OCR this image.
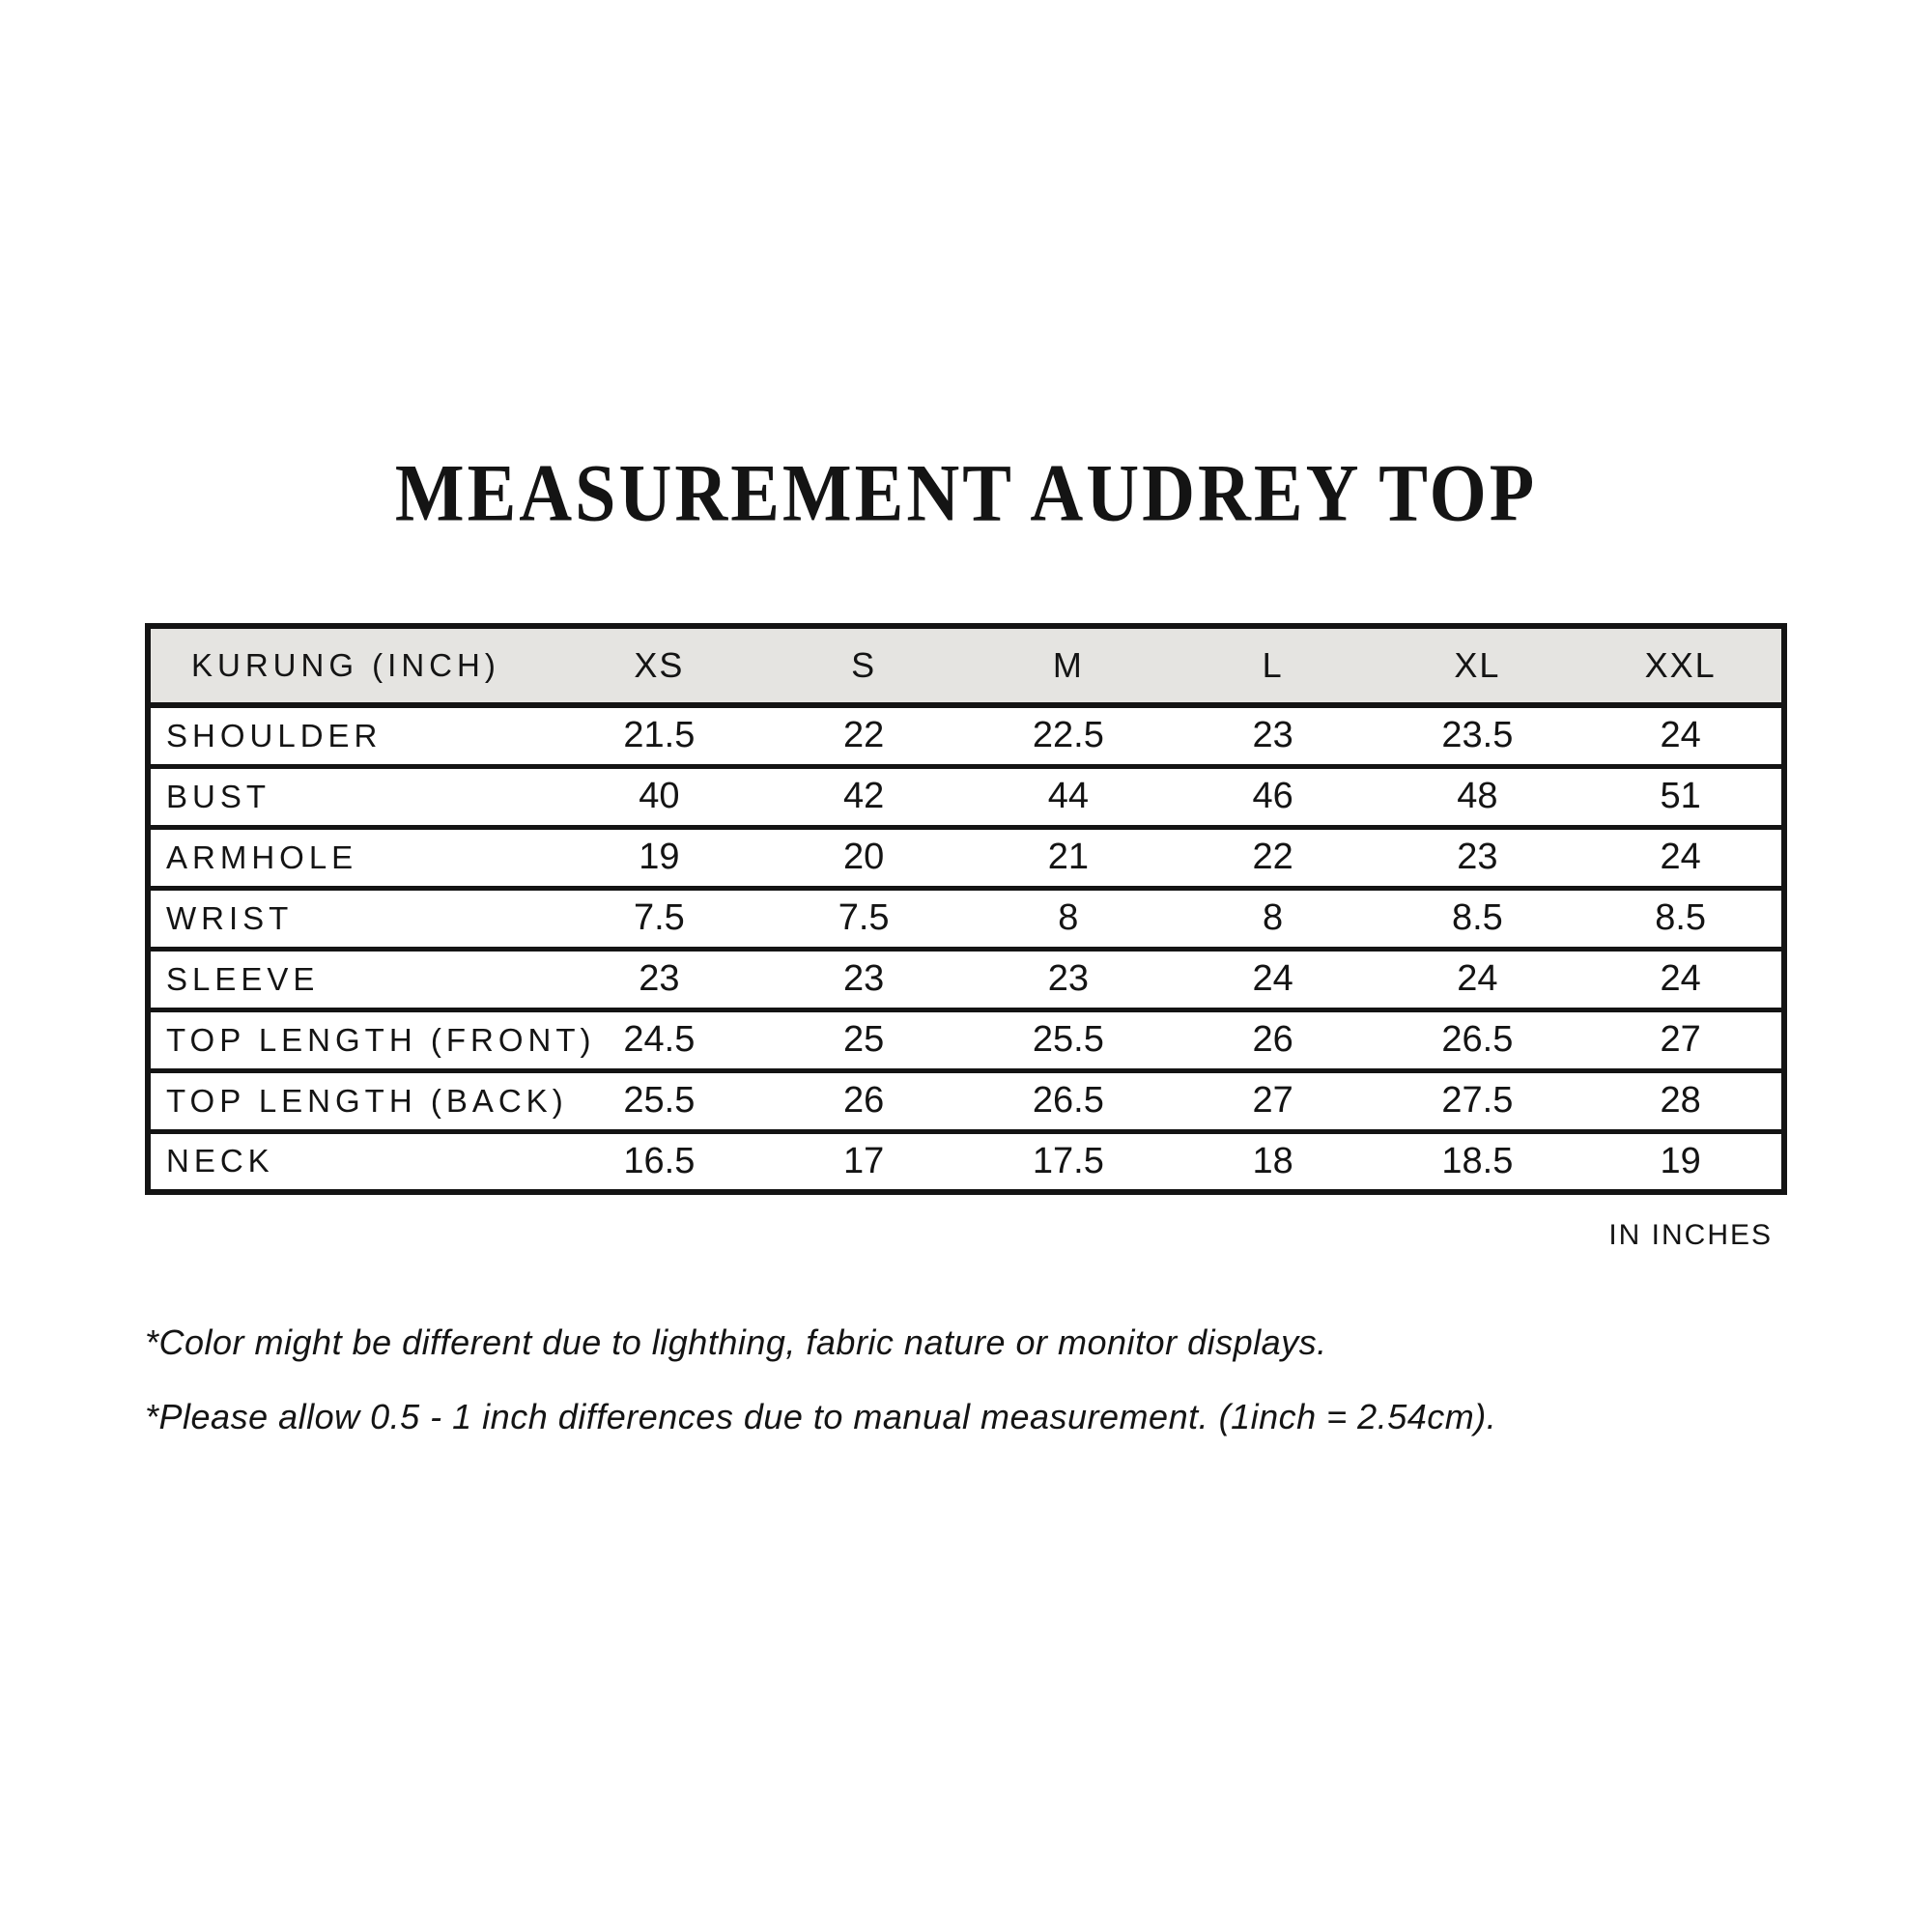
MEASUREMENT AUDREY TOP
KURUNG (INCH)	XS	S	M	L	XL	XXL
SHOULDER	21.5	22	22.5	23	23.5	24
BUST	40	42	44	46	48	51
ARMHOLE	19	20	21	22	23	24
WRIST	7.5	7.5	8	8	8.5	8.5
SLEEVE	23	23	23	24	24	24
TOP LENGTH (FRONT)	24.5	25	25.5	26	26.5	27
TOP LENGTH (BACK)	25.5	26	26.5	27	27.5	28
NECK	16.5	17	17.5	18	18.5	19
IN INCHES

*Color might be different due to lighthing, fabric nature or monitor displays.

*Please allow 0.5 - 1 inch differences due to manual measurement. (1inch = 2.54cm).
